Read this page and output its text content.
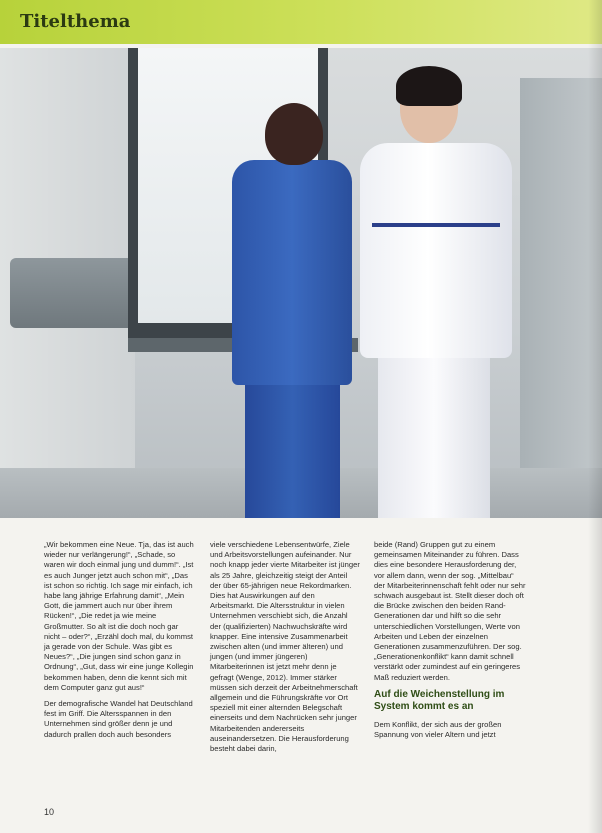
Titelthema

„Wir bekommen eine Neue. Tja, das ist auch wieder nur verlängerung!“, „Schade, so waren wir doch einmal jung und dumm!“. „Ist es auch Junger jetzt auch schon mit“, „Das ist schon so richtig. Ich sage mir einfach, ich habe lang jährige Erfahrung damit“, „Mein Gott, die jammert auch nur über ihrem Rücken!“, „Die redet ja wie meine Großmutter. So alt ist die doch noch gar nicht – oder?“, „Erzähl doch mal, du kommst ja gerade von der Schule. Was gibt es Neues?“, „Die jungen sind schon ganz in Ordnung“, „Gut, dass wir eine junge Kollegin bekommen haben, denn die kennt sich mit dem Computer ganz gut aus!“

Der demografische Wandel hat Deutschland fest im Griff. Die Altersspannen in den Unternehmen sind größer denn je und dadurch prallen doch auch besonders

viele verschiedene Lebensentwürfe, Ziele und Arbeitsvorstellungen aufeinander. Nur noch knapp jeder vierte Mitarbeiter ist jünger als 25 Jahre, gleichzeitig steigt der Anteil der über 65-jährigen neue Rekordmarken. Dies hat Auswirkungen auf den Arbeitsmarkt. Die Altersstruktur in vielen Unternehmen verschiebt sich, die Anzahl der (qualifizierten) Nachwuchskräfte wird knapper. Eine intensive Zusammenarbeit zwischen alten (und immer älteren) und jungen (und immer jüngeren) Mitarbeiterinnen ist jetzt mehr denn je gefragt (Wenge, 2012). Immer stärker müssen sich derzeit der Arbeitnehmerschaft allgemein und die Führungskräfte vor Ort speziell mit einer alternden Belegschaft einerseits und dem Nachrücken sehr junger Mitarbeitenden andererseits auseinandersetzen. Die Herausforderung besteht dabei darin,

beide (Rand) Gruppen gut zu einem gemeinsamen Miteinander zu führen. Dass dies eine besondere Herausforderung der, vor allem dann, wenn der sog. „Mittelbau“ der Mitarbeiterinnenschaft fehlt oder nur sehr schwach ausgebaut ist. Stellt dieser doch oft die Brücke zwischen den beiden Rand-Generationen dar und hilft so die sehr unterschiedlichen Vorstellungen, Werte von Arbeiten und Leben der einzelnen Generationen zusammenzuführen. Der sog. „Generationenkonflikt“ kann damit schnell verstärkt oder zumindest auf ein geringeres Maß reduziert werden.

Auf die Weichenstellung im System kommt es an

Dem Konflikt, der sich aus der großen Spannung von vieler Altern und jetzt

10
